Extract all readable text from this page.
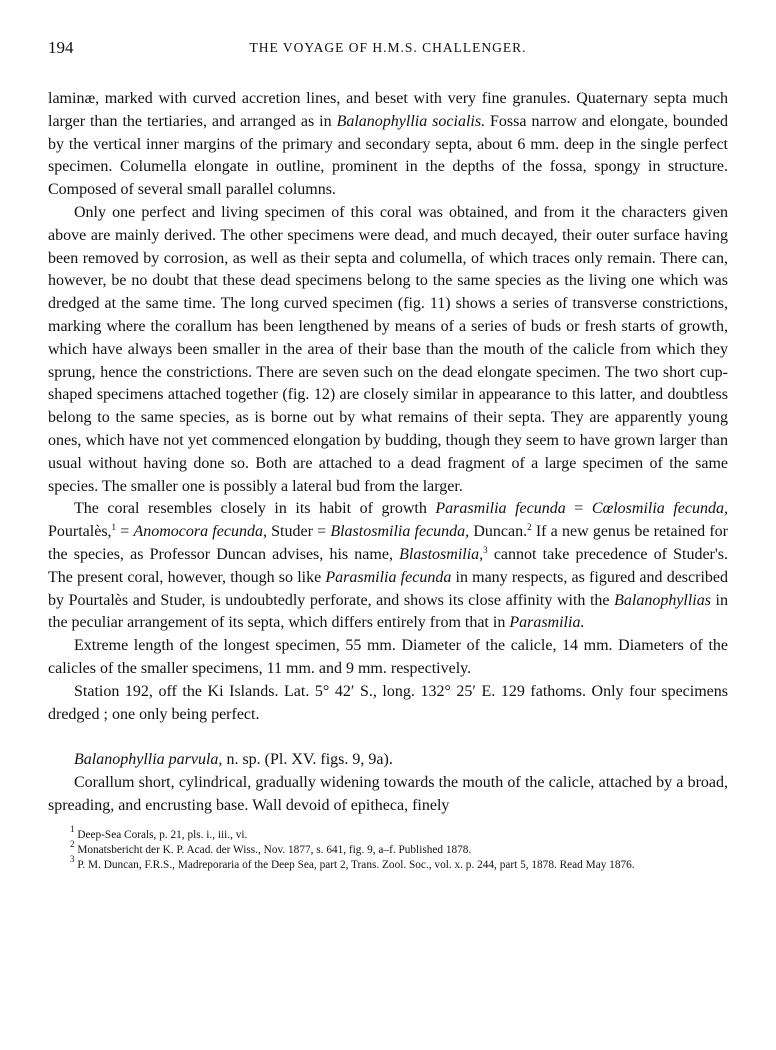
194	THE VOYAGE OF H.M.S. CHALLENGER.

laminæ, marked with curved accretion lines, and beset with very fine granules. Quaternary septa much larger than the tertiaries, and arranged as in Balanophyllia socialis. Fossa narrow and elongate, bounded by the vertical inner margins of the primary and secondary septa, about 6 mm. deep in the single perfect specimen. Columella elongate in outline, prominent in the depths of the fossa, spongy in structure. Composed of several small parallel columns.

Only one perfect and living specimen of this coral was obtained, and from it the characters given above are mainly derived. The other specimens were dead, and much decayed, their outer surface having been removed by corrosion, as well as their septa and columella, of which traces only remain. There can, however, be no doubt that these dead specimens belong to the same species as the living one which was dredged at the same time. The long curved specimen (fig. 11) shows a series of transverse constrictions, marking where the corallum has been lengthened by means of a series of buds or fresh starts of growth, which have always been smaller in the area of their base than the mouth of the calicle from which they sprung, hence the constrictions. There are seven such on the dead elongate specimen. The two short cup-shaped specimens attached together (fig. 12) are closely similar in appearance to this latter, and doubtless belong to the same species, as is borne out by what remains of their septa. They are apparently young ones, which have not yet commenced elongation by budding, though they seem to have grown larger than usual without having done so. Both are attached to a dead fragment of a large specimen of the same species. The smaller one is possibly a lateral bud from the larger.

The coral resembles closely in its habit of growth Parasmilia fecunda = Cœlosmilia fecunda, Pourtalès,$^1$ = Anomocora fecunda, Studer = Blastosmilia fecunda, Duncan.$^2$ If a new genus be retained for the species, as Professor Duncan advises, his name, Blastosmilia,$^3$ cannot take precedence of Studer's. The present coral, however, though so like Parasmilia fecunda in many respects, as figured and described by Pourtalès and Studer, is undoubtedly perforate, and shows its close affinity with the Balanophyllias in the peculiar arrangement of its septa, which differs entirely from that in Parasmilia.

Extreme length of the longest specimen, 55 mm. Diameter of the calicle, 14 mm. Diameters of the calicles of the smaller specimens, 11 mm. and 9 mm. respectively.

Station 192, off the Ki Islands. Lat. 5° 42′ S., long. 132° 25′ E. 129 fathoms. Only four specimens dredged ; one only being perfect.

Balanophyllia parvula, n. sp. (Pl. XV. figs. 9, 9a).

Corallum short, cylindrical, gradually widening towards the mouth of the calicle, attached by a broad, spreading, and encrusting base. Wall devoid of epitheca, finely

$^1$ Deep-Sea Corals, p. 21, pls. i., iii., vi.
$^2$ Monatsbericht der K. P. Acad. der Wiss., Nov. 1877, s. 641, fig. 9, a–f. Published 1878.
$^3$ P. M. Duncan, F.R.S., Madreporaria of the Deep Sea, part 2, Trans. Zool. Soc., vol. x. p. 244, part 5, 1878. Read May 1876.
